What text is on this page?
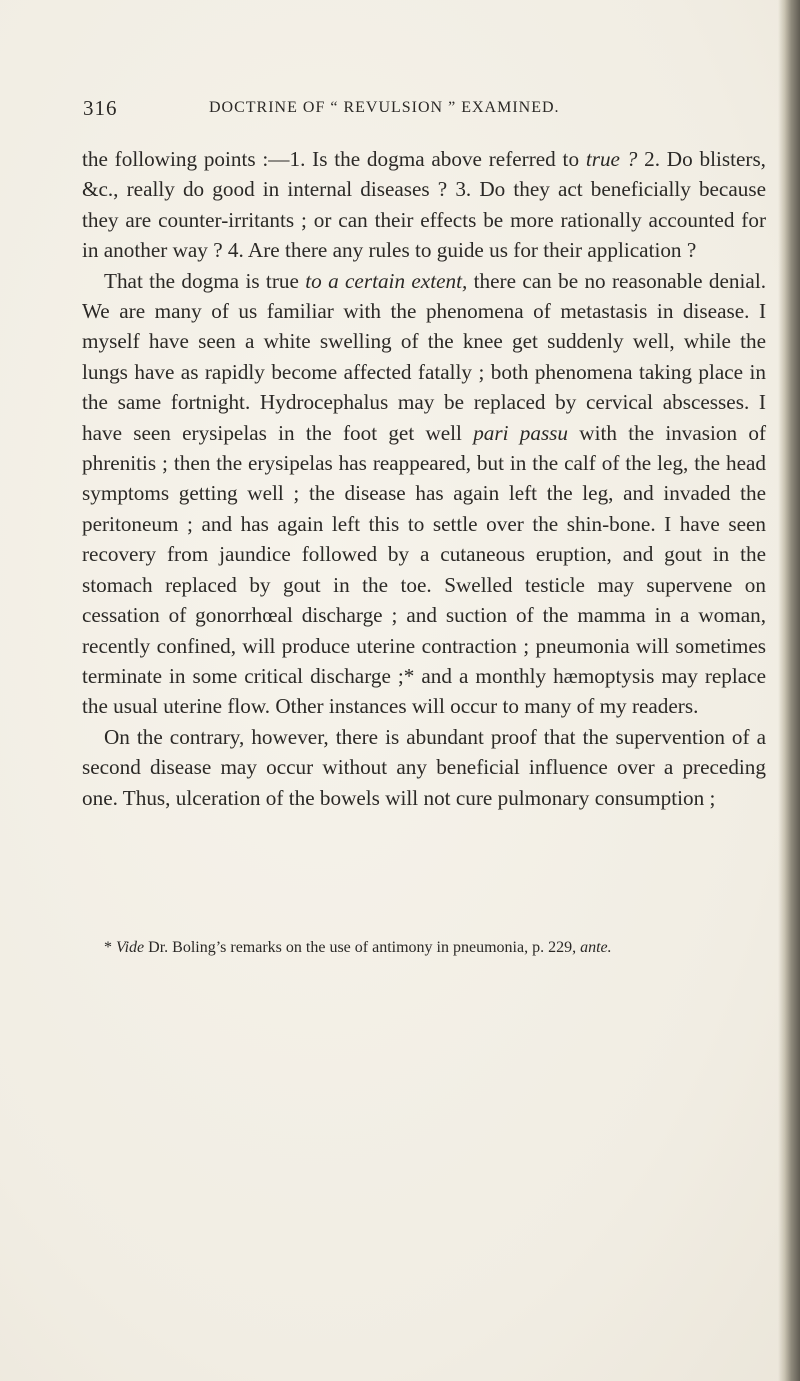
316	DOCTRINE OF “ REVULSION ” EXAMINED.

the following points :—1. Is the dogma above referred to true ? 2. Do blisters, &c., really do good in internal diseases ? 3. Do they act beneficially because they are counter-irritants ; or can their effects be more rationally accounted for in another way ? 4. Are there any rules to guide us for their application ?

That the dogma is true to a certain extent, there can be no reasonable denial. We are many of us familiar with the phenomena of metastasis in disease. I myself have seen a white swelling of the knee get suddenly well, while the lungs have as rapidly become affected fatally ; both phenomena taking place in the same fortnight. Hydrocephalus may be replaced by cervical abscesses. I have seen erysipelas in the foot get well pari passu with the invasion of phrenitis ; then the erysipelas has reappeared, but in the calf of the leg, the head symptoms getting well ; the disease has again left the leg, and invaded the peritoneum ; and has again left this to settle over the shin-bone. I have seen recovery from jaundice followed by a cutaneous eruption, and gout in the stomach replaced by gout in the toe. Swelled testicle may supervene on cessation of gonorrhœal discharge ; and suction of the mamma in a woman, recently confined, will produce uterine contraction ; pneumonia will sometimes terminate in some critical discharge ;* and a monthly hæmoptysis may replace the usual uterine flow. Other instances will occur to many of my readers.

On the contrary, however, there is abundant proof that the supervention of a second disease may occur without any beneficial influence over a preceding one. Thus, ulceration of the bowels will not cure pulmonary consumption ;

* Vide Dr. Boling’s remarks on the use of antimony in pneumonia, p. 229, ante.
